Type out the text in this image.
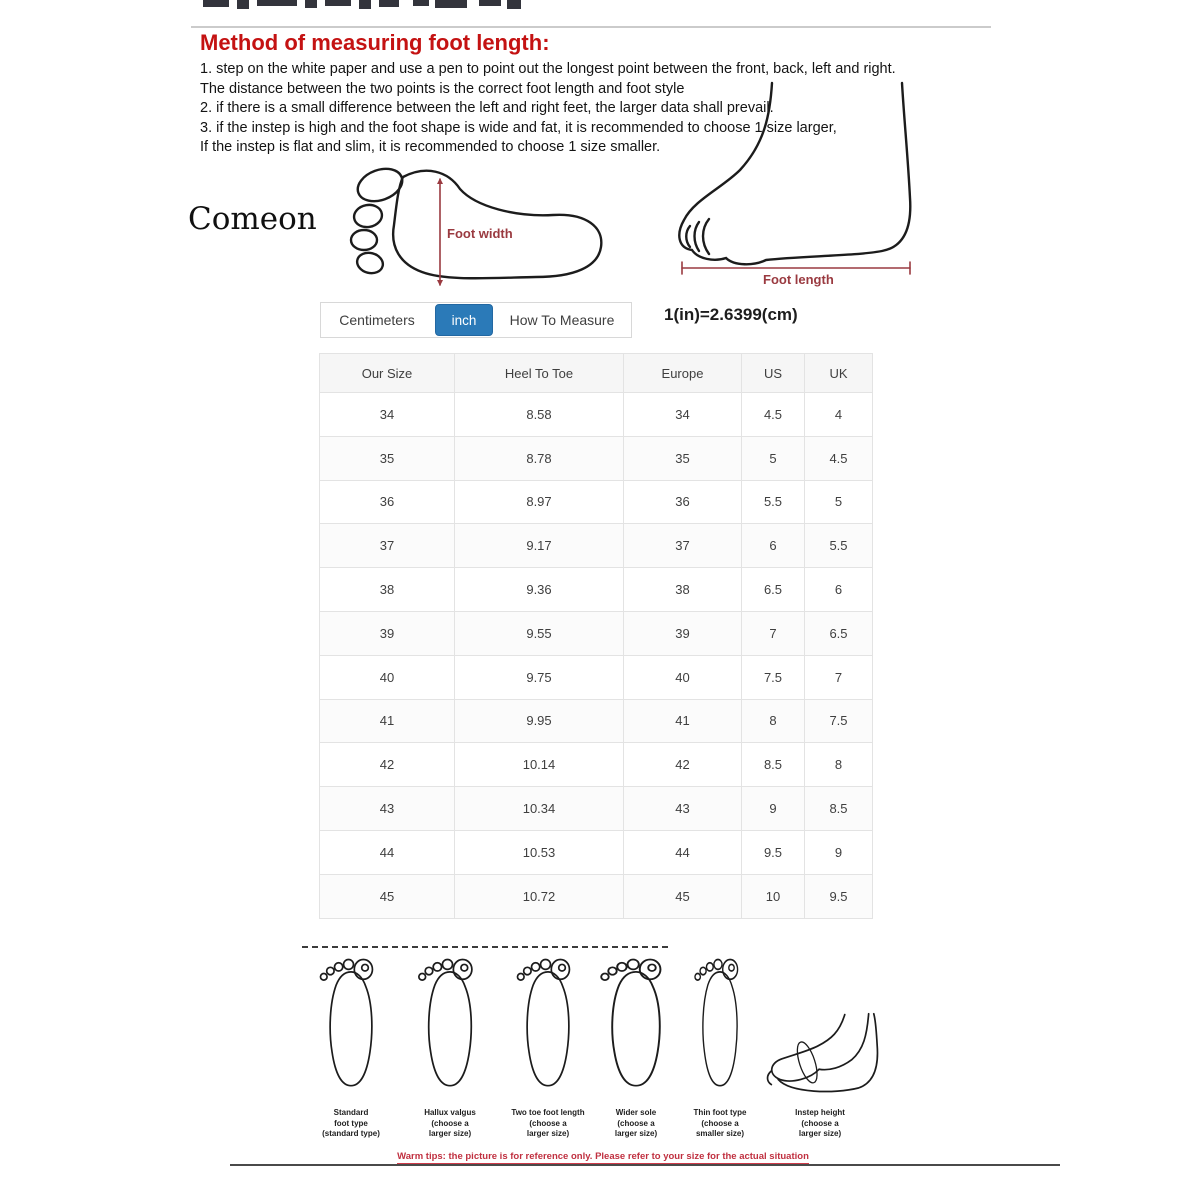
Method of measuring foot length:
1. step on the white paper and use a pen to point out the longest point between the front, back, left and right.
The distance between the two points is the correct foot length and foot style
2. if there is a small difference between the left and right feet, the larger data shall prevail.
3. if the instep is high and the foot shape is wide and fat, it is recommended to choose 1 size larger,
If the instep is flat and slim, it is recommended to choose 1 size smaller.
Comeon	Foot width
Foot length
Centimeters	inch	How To Measure	1(in)=2.6399(cm)
Our Size	Heel To Toe	Europe	US	UK
34	8.58	34	4.5	4
35	8.78	35	5	4.5
36	8.97	36	5.5	5
37	9.17	37	6	5.5
38	9.36	38	6.5	6
39	9.55	39	7	6.5
40	9.75	40	7.5	7
41	9.95	41	8	7.5
42	10.14	42	8.5	8
43	10.34	43	9	8.5
44	10.53	44	9.5	9
45	10.72	45	10	9.5
Standard
foot type
(standard type)
Hallux valgus
(choose a
larger size)
Two toe foot length
(choose a
larger size)
Wider sole
(choose a
larger size)
Thin foot type
(choose a
smaller size)
Instep height
(choose a
larger size)
Warm tips: the picture is for reference only. Please refer to your size for the actual situation
